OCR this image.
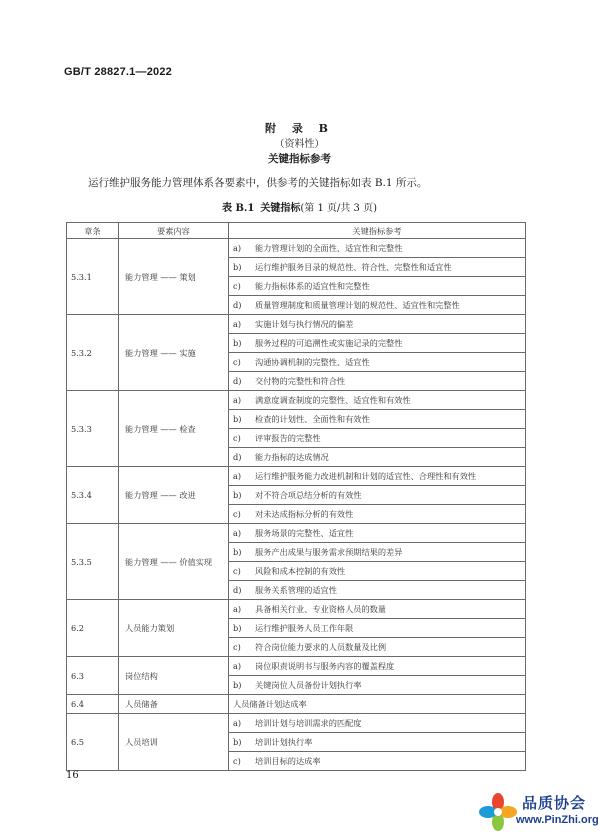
GB/T 28827.1—2022
附 录 B
（资料性）
关键指标参考
运行维护服务能力管理体系各要素中，供参考的关键指标如表 B.1 所示。
表 B.1 关键指标(第 1 页/共 3 页)
章条	要素内容	关键指标参考
5.3.1	能力管理 —— 策划	a) 能力管理计划的全面性、适宜性和完整性
		b) 运行维护服务目录的规范性、符合性、完整性和适宜性
		c) 能力指标体系的适宜性和完整性
		d) 质量管理制度和质量管理计划的规范性、适宜性和完整性
5.3.2	能力管理 —— 实施	a) 实施计划与执行情况的偏差
		b) 服务过程的可追溯性或实施记录的完整性
		c) 沟通协调机制的完整性、适宜性
		d) 交付物的完整性和符合性
5.3.3	能力管理 —— 检查	a) 满意度调查制度的完整性、适宜性和有效性
		b) 检查的计划性、全面性和有效性
		c) 评审报告的完整性
		d) 能力指标的达成情况
5.3.4	能力管理 —— 改进	a) 运行维护服务能力改进机制和计划的适宜性、合理性和有效性
		b) 对不符合项总结分析的有效性
		c) 对未达成指标分析的有效性
5.3.5	能力管理 —— 价值实现	a) 服务场景的完整性、适宜性
		b) 服务产出成果与服务需求预期结果的差异
		c) 风险和成本控制的有效性
		d) 服务关系管理的适宜性
6.2	人员能力策划	a) 具备相关行业、专业资格人员的数量
		b) 运行维护服务人员工作年限
		c) 符合岗位能力要求的人员数量及比例
6.3	岗位结构	a) 岗位职责说明书与服务内容的覆盖程度
		b) 关键岗位人员备份计划执行率
6.4	人员储备	人员储备计划达成率
6.5	人员培训	a) 培训计划与培训需求的匹配度
		b) 培训计划执行率
		c) 培训目标的达成率
16
品质协会
www.PinZhi.org
